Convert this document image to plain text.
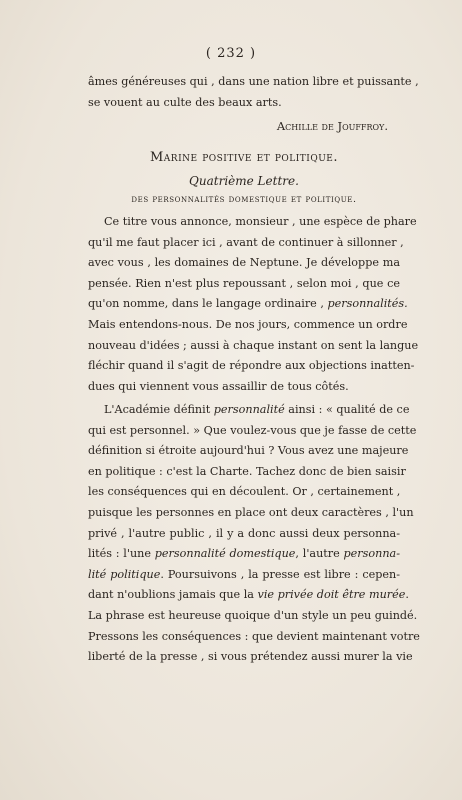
( 232 )
âmes généreuses qui , dans une nation libre et puissante ,
se vouent au culte des beaux arts.
Achille de Jouffroy.
Marine positive et politique.
Quatrième Lettre.
des personnalités domestique et politique.
Ce titre vous annonce, monsieur , une espèce de phare
qu'il me faut placer ici , avant de continuer à sillonner ,
avec vous , les domaines de Neptune. Je développe ma
pensée. Rien n'est plus repoussant , selon moi , que ce
qu'on nomme, dans le langage ordinaire , personnalités.
Mais entendons-nous. De nos jours, commence un ordre
nouveau d'idées ; aussi à chaque instant on sent la langue
fléchir quand il s'agit de répondre aux objections inatten-
dues qui viennent vous assaillir de tous côtés.
L'Académie définit personnalité ainsi : « qualité de ce
qui est personnel. » Que voulez-vous que je fasse de cette
définition si étroite aujourd'hui ? Vous avez une majeure
en politique : c'est la Charte. Tachez donc de bien saisir
les conséquences qui en découlent. Or , certainement ,
puisque les personnes en place ont deux caractères , l'un
privé , l'autre public , il y a donc aussi deux personna-
lités : l'une personnalité domestique, l'autre personna-
lité politique. Poursuivons , la presse est libre : cepen-
dant n'oublions jamais que la vie privée doit être murée.
La phrase est heureuse quoique d'un style un peu guindé.
Pressons les conséquences : que devient maintenant votre
liberté de la presse , si vous prétendez aussi murer la vie
